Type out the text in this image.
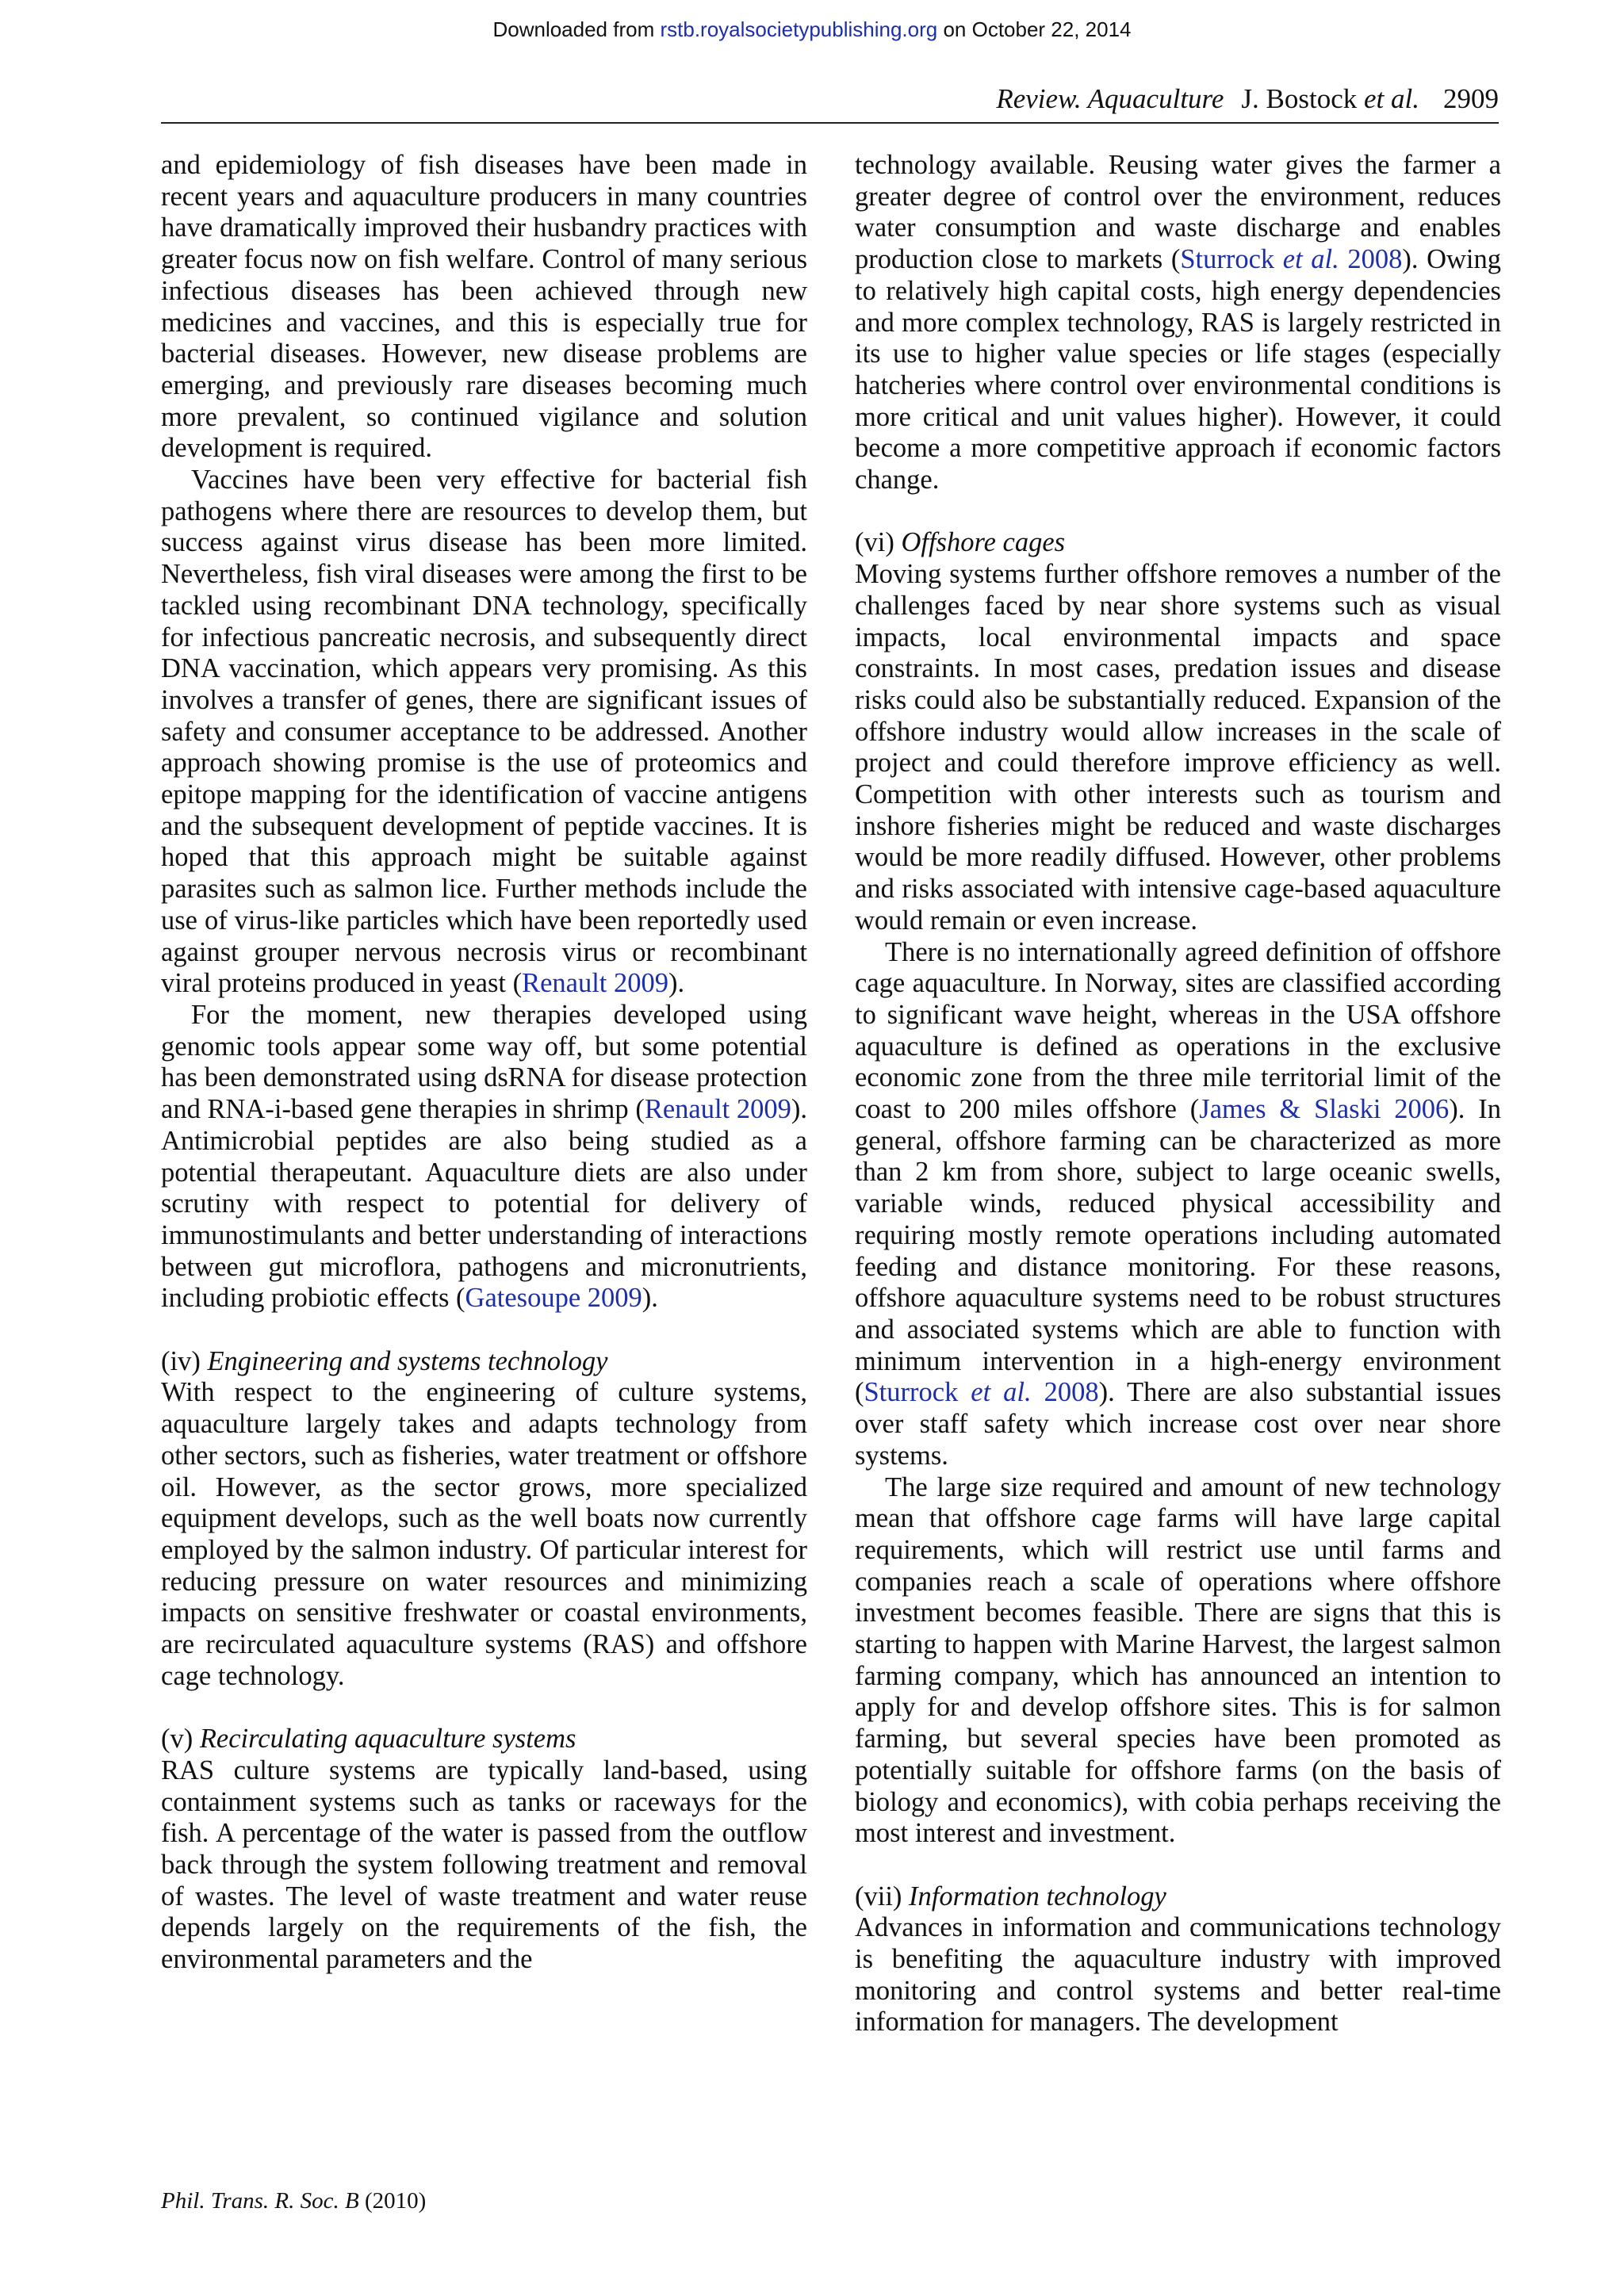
Downloaded from rstb.royalsocietypublishing.org on October 22, 2014
Review. Aquaculture J. Bostock et al. 2909

and epidemiology of fish diseases have been made in recent years and aquaculture producers in many countries have dramatically improved their husbandry practices with greater focus now on fish welfare. Control of many serious infectious diseases has been achieved through new medicines and vaccines, and this is especially true for bacterial diseases. However, new disease problems are emerging, and previously rare diseases becoming much more prevalent, so continued vigilance and solution development is required.

Vaccines have been very effective for bacterial fish pathogens where there are resources to develop them, but success against virus disease has been more limited. Nevertheless, fish viral diseases were among the first to be tackled using recombinant DNA technology, specifically for infectious pancreatic necrosis, and subsequently direct DNA vaccination, which appears very promising. As this involves a transfer of genes, there are significant issues of safety and consumer acceptance to be addressed. Another approach showing promise is the use of proteomics and epitope mapping for the identification of vaccine antigens and the subsequent development of peptide vaccines. It is hoped that this approach might be suitable against parasites such as salmon lice. Further methods include the use of virus-like particles which have been reportedly used against grouper nervous necrosis virus or recombinant viral proteins produced in yeast (Renault 2009).

For the moment, new therapies developed using genomic tools appear some way off, but some potential has been demonstrated using dsRNA for disease protection and RNA-i-based gene therapies in shrimp (Renault 2009). Antimicrobial peptides are also being studied as a potential therapeutant. Aquaculture diets are also under scrutiny with respect to potential for delivery of immunostimulants and better understanding of interactions between gut microflora, pathogens and micronutrients, including probiotic effects (Gatesoupe 2009).

(iv) Engineering and systems technology

With respect to the engineering of culture systems, aquaculture largely takes and adapts technology from other sectors, such as fisheries, water treatment or offshore oil. However, as the sector grows, more specialized equipment develops, such as the well boats now currently employed by the salmon industry. Of particular interest for reducing pressure on water resources and minimizing impacts on sensitive freshwater or coastal environments, are recirculated aquaculture systems (RAS) and offshore cage technology.

(v) Recirculating aquaculture systems

RAS culture systems are typically land-based, using containment systems such as tanks or raceways for the fish. A percentage of the water is passed from the outflow back through the system following treatment and removal of wastes. The level of waste treatment and water reuse depends largely on the requirements of the fish, the environmental parameters and the

technology available. Reusing water gives the farmer a greater degree of control over the environment, reduces water consumption and waste discharge and enables production close to markets (Sturrock et al. 2008). Owing to relatively high capital costs, high energy dependencies and more complex technology, RAS is largely restricted in its use to higher value species or life stages (especially hatcheries where control over environmental conditions is more critical and unit values higher). However, it could become a more competitive approach if economic factors change.

(vi) Offshore cages

Moving systems further offshore removes a number of the challenges faced by near shore systems such as visual impacts, local environmental impacts and space constraints. In most cases, predation issues and disease risks could also be substantially reduced. Expansion of the offshore industry would allow increases in the scale of project and could therefore improve efficiency as well. Competition with other interests such as tourism and inshore fisheries might be reduced and waste discharges would be more readily diffused. However, other problems and risks associated with intensive cage-based aquaculture would remain or even increase.

There is no internationally agreed definition of offshore cage aquaculture. In Norway, sites are classified according to significant wave height, whereas in the USA offshore aquaculture is defined as operations in the exclusive economic zone from the three mile territorial limit of the coast to 200 miles offshore (James & Slaski 2006). In general, offshore farming can be characterized as more than 2 km from shore, subject to large oceanic swells, variable winds, reduced physical accessibility and requiring mostly remote operations including automated feeding and distance monitoring. For these reasons, offshore aquaculture systems need to be robust structures and associated systems which are able to function with minimum intervention in a high-energy environment (Sturrock et al. 2008). There are also substantial issues over staff safety which increase cost over near shore systems.

The large size required and amount of new technology mean that offshore cage farms will have large capital requirements, which will restrict use until farms and companies reach a scale of operations where offshore investment becomes feasible. There are signs that this is starting to happen with Marine Harvest, the largest salmon farming company, which has announced an intention to apply for and develop offshore sites. This is for salmon farming, but several species have been promoted as potentially suitable for offshore farms (on the basis of biology and economics), with cobia perhaps receiving the most interest and investment.

(vii) Information technology

Advances in information and communications technology is benefiting the aquaculture industry with improved monitoring and control systems and better real-time information for managers. The development

Phil. Trans. R. Soc. B (2010)
